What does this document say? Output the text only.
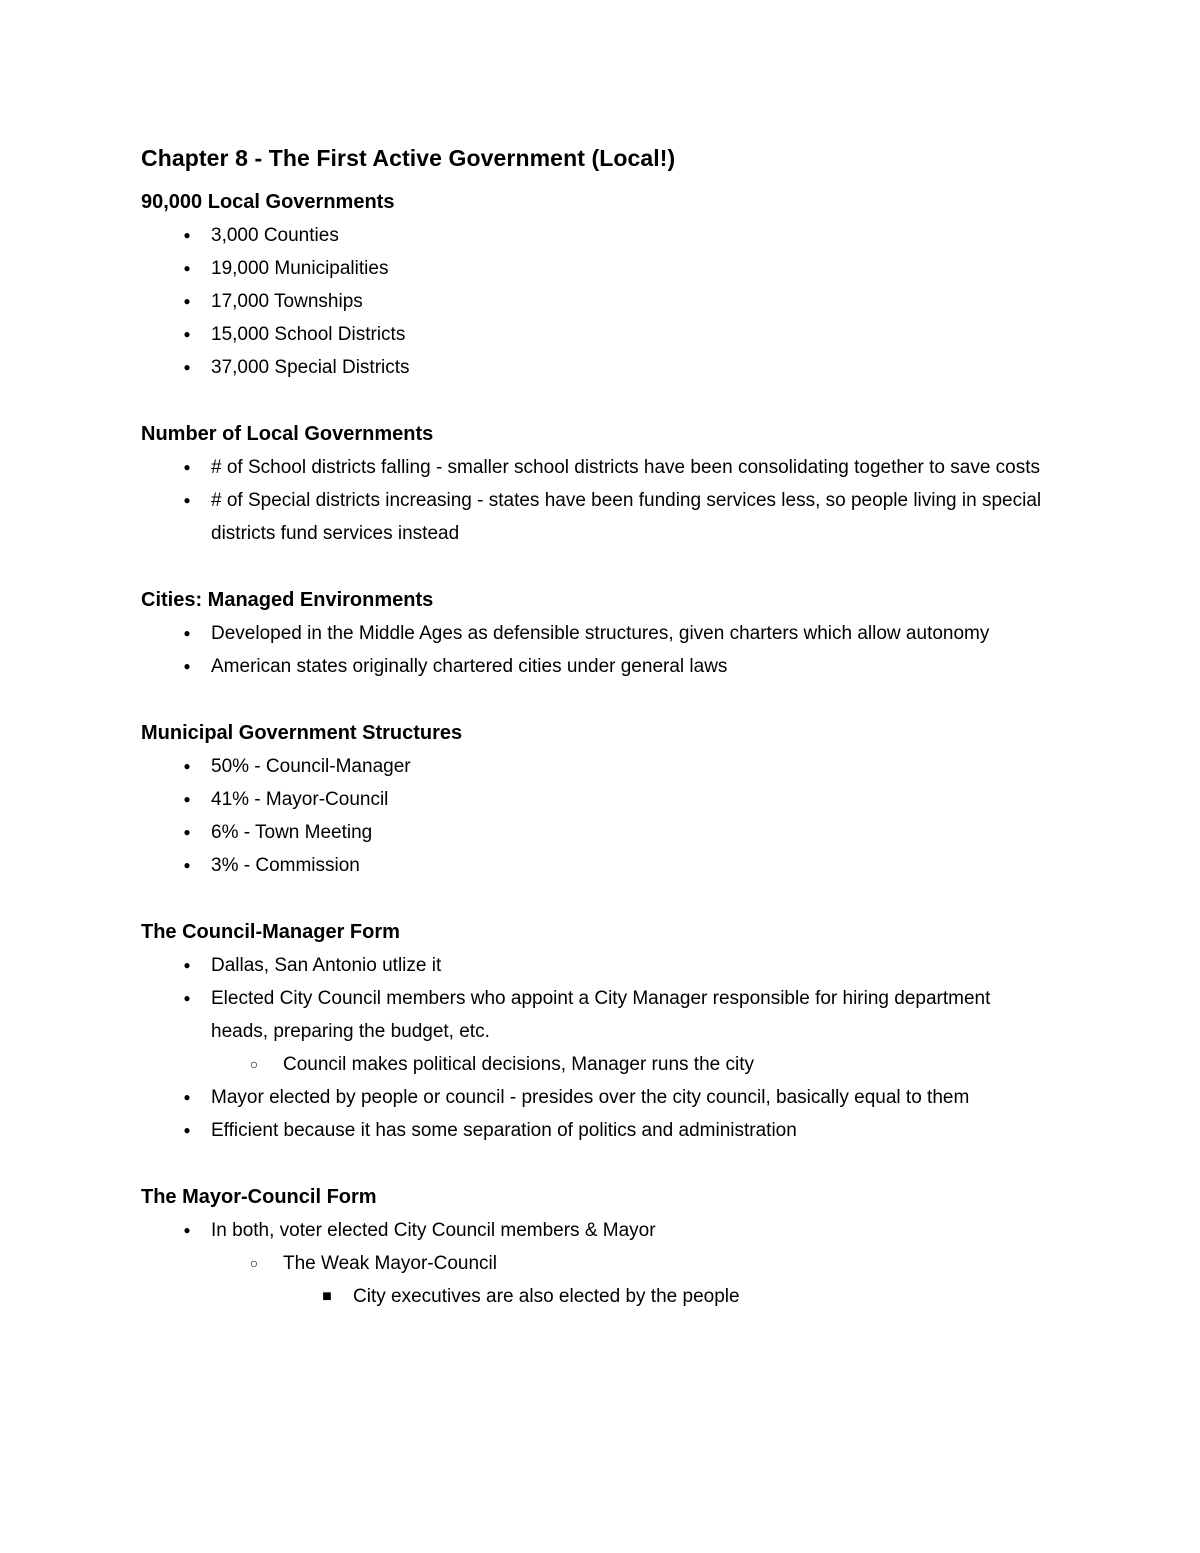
Chapter 8 - The First Active Government (Local!)
90,000 Local Governments
● 3,000 Counties
● 19,000 Municipalities
● 17,000 Townships
● 15,000 School Districts
● 37,000 Special Districts
Number of Local Governments
● # of School districts falling - smaller school districts have been consolidating together to save costs
● # of Special districts increasing - states have been funding services less, so people living in special districts fund services instead
Cities: Managed Environments
● Developed in the Middle Ages as defensible structures, given charters which allow autonomy
● American states originally chartered cities under general laws
Municipal Government Structures
● 50% - Council-Manager
● 41% - Mayor-Council
● 6% - Town Meeting
● 3% - Commission
The Council-Manager Form
● Dallas, San Antonio utlize it
● Elected City Council members who appoint a City Manager responsible for hiring department heads, preparing the budget, etc.
○ Council makes political decisions, Manager runs the city
● Mayor elected by people or council - presides over the city council, basically equal to them
● Efficient because it has some separation of politics and administration
The Mayor-Council Form
● In both, voter elected City Council members & Mayor
○ The Weak Mayor-Council
■ City executives are also elected by the people
